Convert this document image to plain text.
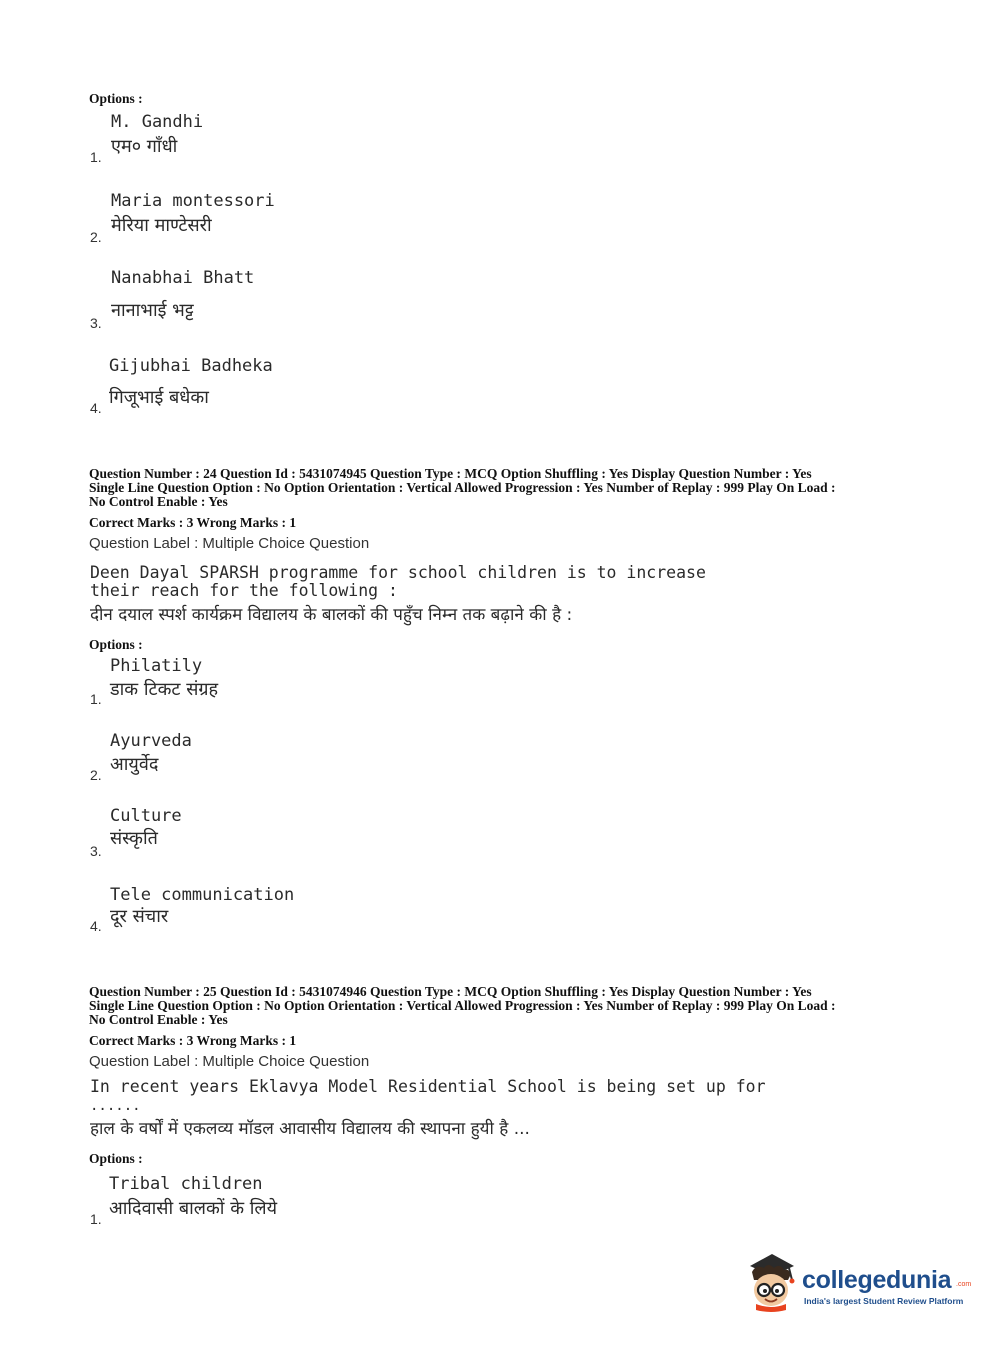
Options :
M. Gandhi
एम० गाँधी
1.
Maria montessori
मेरिया माण्टेसरी
2.
Nanabhai Bhatt
नानाभाई भट्ट
3.
Gijubhai Badheka
गिजूभाई बधेका
4.
Question Number : 24 Question Id : 5431074945 Question Type : MCQ Option Shuffling : Yes Display Question Number : Yes
Single Line Question Option : No Option Orientation : Vertical Allowed Progression : Yes Number of Replay : 999 Play On Load :
No Control Enable : Yes
Correct Marks : 3 Wrong Marks : 1
Question Label : Multiple Choice Question
Deen Dayal SPARSH programme for school children is to increase
their reach for the following :
दीन दयाल स्पर्श कार्यक्रम विद्यालय के बालकों की पहुँच निम्न तक बढ़ाने की है :
Options :
Philatily
डाक टिकट संग्रह
1.
Ayurveda
आयुर्वेद
2.
Culture
संस्कृति
3.
Tele communication
दूर संचार
4.
Question Number : 25 Question Id : 5431074946 Question Type : MCQ Option Shuffling : Yes Display Question Number : Yes
Single Line Question Option : No Option Orientation : Vertical Allowed Progression : Yes Number of Replay : 999 Play On Load :
No Control Enable : Yes
Correct Marks : 3 Wrong Marks : 1
Question Label : Multiple Choice Question
In recent years Eklavya Model Residential School is being set up for
......
हाल के वर्षों में एकलव्य मॉडल आवासीय विद्यालय की स्थापना हुयी है ...
Options :
Tribal children
आदिवासी बालकों के लिये
1.
collegedunia .com
India's largest Student Review Platform
